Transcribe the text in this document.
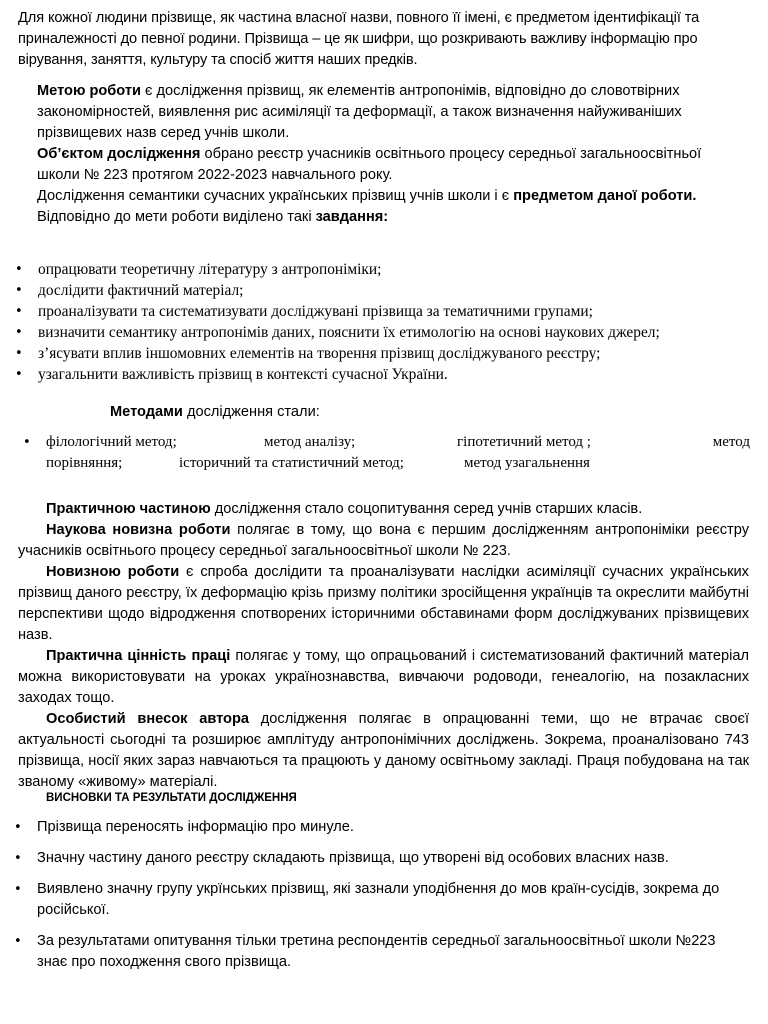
Для кожної людини прізвище, як частина власної назви, повного її імені, є предметом ідентифікації та приналежності до певної родини. Прізвища – це як шифри, що розкривають важливу інформацію про вірування, заняття, культуру та спосіб життя наших предків.

Метою роботи є дослідження прізвищ, як елементів антропонімів, відповідно до словотвірних закономірностей, виявлення рис асиміляції та деформації, а також визначення найуживаніших прізвищевих назв серед учнів школи.
Об’єктом дослідження обрано реєстр учасників освітнього процесу середньої загальноосвітньої школи № 223 протягом 2022-2023 навчального року.
Дослідження семантики сучасних українських прізвищ учнів школи і є предметом даної роботи.
Відповідно до мети роботи виділено такі завдання:
• опрацювати теоретичну літературу з антропоніміки;
• дослідити фактичний матеріал;
• проаналізувати та систематизувати досліджувані прізвища за тематичними групами;
• визначити семантику антропонімів даних, пояснити їх етимологію на основі наукових джерел;
• з’ясувати вплив іншомовних елементів на творення прізвищ досліджуваного реєстру;
• узагальнити важливість прізвищ в контексті сучасної України.
Методами дослідження стали:
• філологічний метод;	метод аналізу;	гіпотетичний метод ;	метод
порівняння;	історичний та статистичний метод;	метод узагальнення
Практичною частиною дослідження стало соцопитування серед учнів старших класів.
Наукова новизна роботи полягає в тому, що вона є першим дослідженням антропоніміки реєстру учасників освітнього процесу середньої загальноосвітньої школи № 223.
Новизною роботи є спроба дослідити та проаналізувати наслідки асиміляції сучасних українських прізвищ даного реєстру, їх деформацію крізь призму політики зросійщення українців та окреслити майбутні перспективи щодо відродження спотворених історичними обставинами форм досліджуваних прізвищевих назв.
Практична цінність праці полягає у тому, що опрацьований і систематизований фактичний матеріал можна використовувати на уроках українознавства, вивчаючи родоводи, генеалогію, на позакласних заходах тощо.
Особистий внесок автора дослідження полягає в опрацюванні теми, що не втрачає своєї актуальності сьогодні та розширює амплітуду антропонімічних досліджень. Зокрема, проаналізовано 743 прізвища, носії яких зараз навчаються та працюють у даному освітньому закладі. Праця побудована на так званому «живому» матеріалі.
ВИСНОВКИ ТА РЕЗУЛЬТАТИ ДОСЛІДЖЕННЯ
• Прізвища переносять інформацію про минуле.
• Значну частину даного реєстру складають прізвища, що утворені від особових власних назв.
• Виявлено значну групу укрїнських прізвищ, які зазнали уподібнення до мов країн-сусідів, зокрема до російської.
• За результатами опитування тільки третина респондентів середньої загальноосвітньої школи №223 знає про походження свого прізвища.
